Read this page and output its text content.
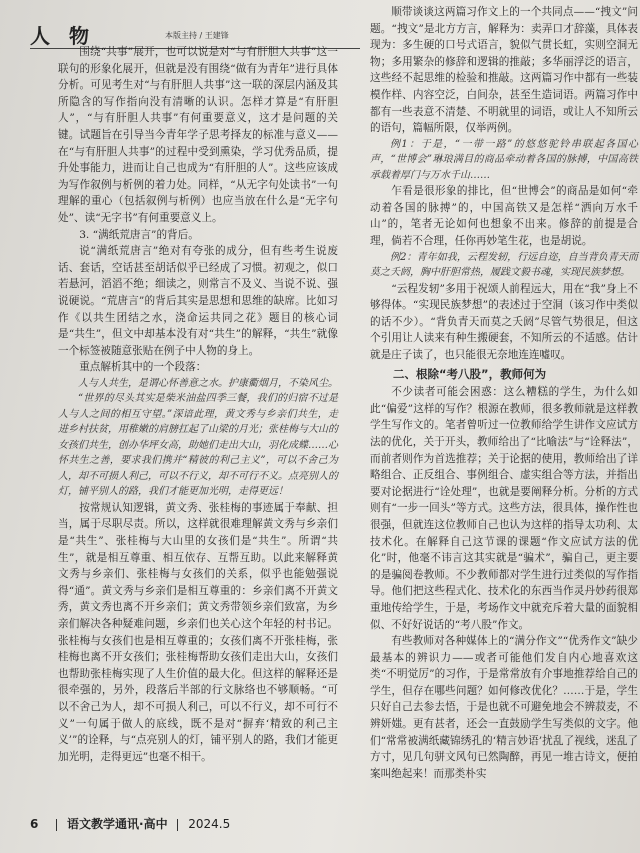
人 物	本版主持 / 王建锋

围绕“共事”展开，也可以说是对“与有肝胆人共事”这一联句的形象化展开，但就是没有围绕“做有为青年”进行具体分析。可见考生对“与有肝胆人共事”这一联的深层内涵及其所隐含的写作指向没有清晰的认识。怎样才算是“有肝胆人”，“与有肝胆人共事”有何重要意义，这才是问题的关键。试题旨在引导当今青年学子思考择友的标准与意义——在“与有肝胆人共事”的过程中受到熏染，学习优秀品质，提升处事能力，进而让自己也成为“有肝胆的人”。这些应该成为写作叙例与析例的着力处。同样，“从无字句处读书”一句理解的重心（包括叙例与析例）也应当放在什么是“无字句处”、读“无字书”有何重要意义上。

3. “满纸荒唐言”的背后。

说“满纸荒唐言”绝对有夸张的成分，但有些考生说废话、套话，空话甚至胡话似乎已经成了习惯。初观之，似口若悬河，滔滔不绝；细读之，则常言不及义、当说不说、强说硬说。“荒唐言”的背后其实是思想和思维的缺席。比如习作《以共生团结之水，浇命运共同之花》题目的核心词是“共生”，但文中却基本没有对“共生”的解释，“共生”就像一个标签被随意张贴在例子中人物的身上。

重点解析其中的一个段落：

人与人共生，是谓心怀善意之水。护康衢烟月，不染风尘。

“世界的尽头其实是柴米油盐四季三餐，我们的归宿不过是人与人之间的相互守望。”深谙此理，黄文秀与乡亲们共生，走进乡村扶贫，用稚嫩的肩膀扛起了山梁的月光；张桂梅与大山的女孩们共生，创办华坪女高，助她们走出大山，羽化成蝶……心怀共生之善，要求我们携并“精彼的利己主义”，可以不舍己为人，却不可损人利己，可以不行义，却不可行不义。点亮别人的灯，铺平别人的路，我们才能更加光明，走得更远！

按常规认知逻辑，黄文秀、张桂梅的事迹属于奉献、担当，属于尽职尽责。所以，这样就很难理解黄文秀与乡亲们是“共生”、张桂梅与大山里的女孩们是“共生”。所谓“共生”，就是相互尊重、相互依存、互帮互助。以此来解释黄文秀与乡亲们、张桂梅与女孩们的关系，似乎也能勉强说得“通”。黄文秀与乡亲们是相互尊重的：乡亲们离不开黄文秀，黄文秀也离不开乡亲们；黄文秀带领乡亲们致富，为乡亲们解决各种疑难问题，乡亲们也关心这个年轻的村书记。张桂梅与女孩们也是相互尊重的；女孩们离不开张桂梅，张桂梅也离不开女孩们；张桂梅帮助女孩们走出大山，女孩们也帮助张桂梅实现了人生价值的最大化。但这样的解释还是很牵强的，另外，段落后半部的行文脉络也不够顺畅。“可以不舍己为人，却不可损人利己，可以不行义，却不可行不义”一句属于做人的底线，既不是对“摒弃‘精致的利己主义’”的诠释，与“点亮别人的灯，铺平别人的路，我们才能更加光明，走得更远”也毫不相干。

顺带谈谈这两篇习作文上的一个共同点——“拽文”问题。“拽文”是北方方言，解释为：卖弄口才辞藻，具体表现为：多生硬的口号式语言，貌似气贯长虹，实则空洞无物；多用繁杂的修辞和逻辑的推敲；多华丽浮泛的语言，这些经不起思维的检验和推敲。这两篇习作中都有一些装模作样、内容空泛，白间杂，甚至生造词语。两篇习作中都有一些表意不清楚、不明就里的词语，或让人不知所云的语句，篇幅所限，仅举两例。

例1：于是，“一带一路”的悠悠驼铃串联起各国心声，“世博会”琳琅满目的商品牵动着各国的脉搏，中国高铁承载着厚门与万水千山……

乍看是很形象的排比，但“世博会”的商品是如何“牵动着各国的脉搏”的，中国高铁又是怎样“洒向万水千山”的，笔者无论如何也想象不出来。修辞的前提是合理，倘若不合理，任你再妙笔生花，也是胡说。

例2：青年如我，云程发轫，行远自迩，自当背负青天而莫之夭阏，胸中肝胆常热，履践文毅书魂，实现民族梦想。

“云程发轫”多用于祝颂人前程远大，用在“我”身上不够得体。“实现民族梦想”的表述过于空洞（该习作中类似的话不少）。“背负青天而莫之夭阏”尽管气势很足，但这个引用让人读来有种生搬硬套，不知所云的不适感。估计就是庄子读了，也只能很无奈地连连嘘叹。

二、根除“考八股”，教师何为

不少读者可能会困惑：这么糟糕的学生，为什么如此“偏爱”这样的写作？根源在教师，很多教师就是这样教学生写作文的。笔者曾听过一位教师给学生讲作文应试方法的优化，关于开头，教师给出了“比喻法”与“诠释法”，而前者则作为首选推荐；关于论据的使用，教师给出了详略组合、正反组合、事例组合、虚实组合等方法，并指出要对论据进行“诠处理”，也就是要阐释分析。分析的方式则有“一步一回头”等方式。这些方法，很具体，操作性也很强，但就连这位教师自己也认为这样的指导太功利、太技术化。在解释自己这节课的课题“作文应试方法的优化”时，他毫不讳言这其实就是“骗术”，骗自己，更主要的是骗阅卷教师。不少教师都对学生进行过类似的写作指导。他们把这些程式化、技术化的东西当作灵丹妙药很郑重地传给学生，于是，考场作文中就充斥着大量的面貌相似、不好好说话的“考八股”作文。

有些教师对各种媒体上的“满分作文”“优秀作文”缺少最基本的辨识力——或者可能他们发自内心地喜欢这类“不明觉厉”的习作，于是常常放有介事地推荐给自己的学生，但存在哪些问题？如何修改优化？……于是，学生只好自己去参去悟，于是也就不可避免地会不辨菽麦，不辨妍媸。更有甚者，还会一直鼓励学生写类似的文字。他们“常常被满纸藏锦绣孔的‘精言妙语’扰乱了视线，迷乱了方寸，见几句骈文风句已然陶醉，再见一堆古诗文，便拍案叫绝起来！而那类朴实

6 语文教学通讯·高中 2024.5
